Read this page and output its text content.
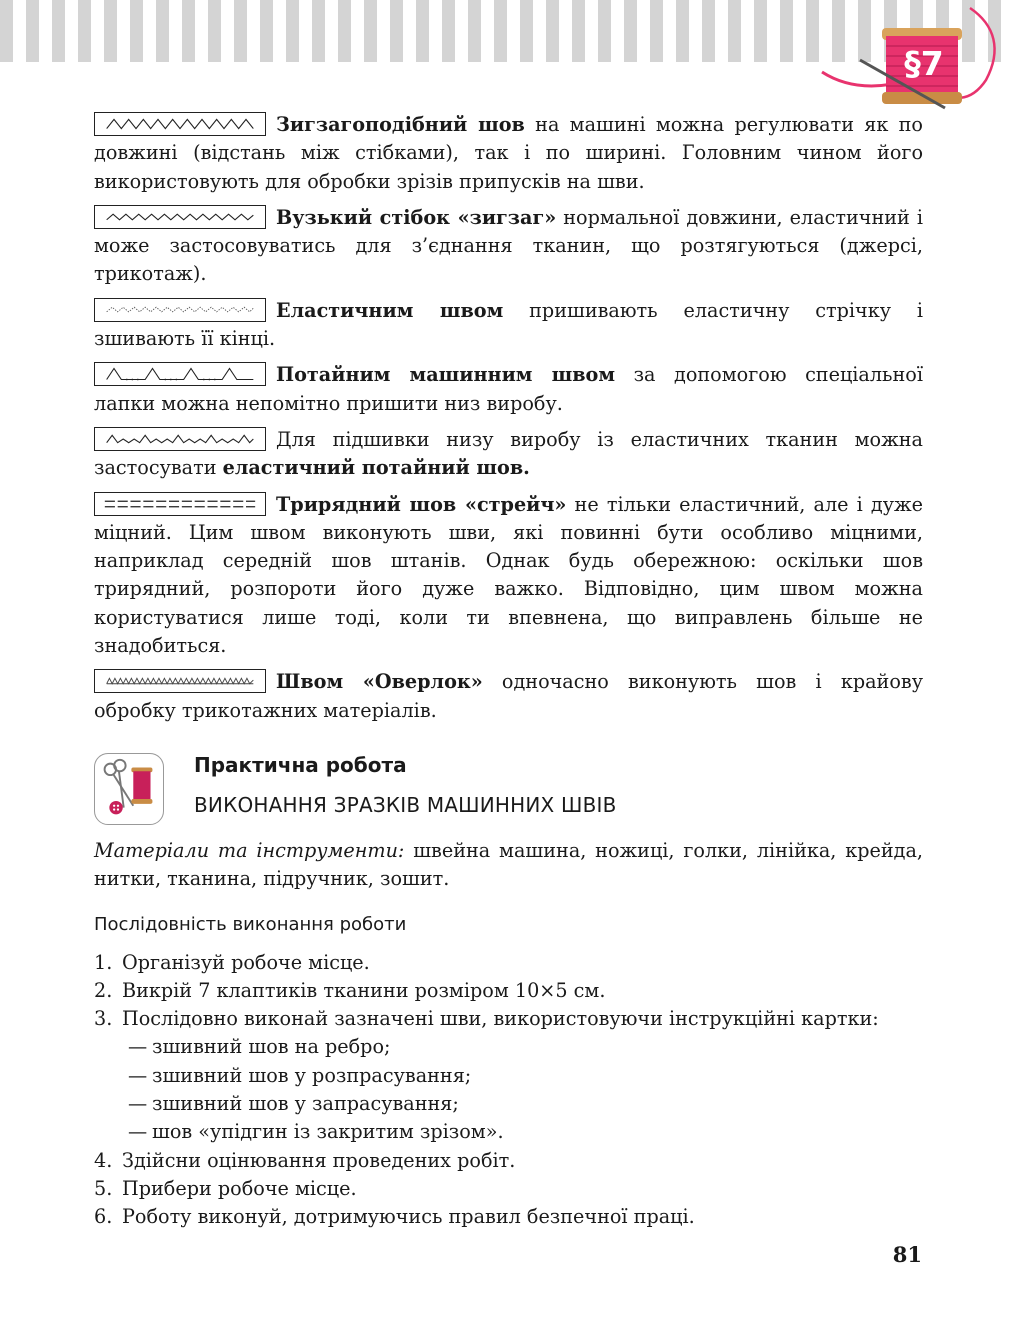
§7

Зигзагоподібний шов на машині можна регулювати як по довжині (відстань між стібками), так і по ширині. Головним чином його використовують для обробки зрізів припусків на шви.

Вузький стібок «зигзаг» нормальної довжини, еластичний і може застосовуватись для з’єднання тканин, що розтягуються (джерсі, трикотаж).

Еластичним швом пришивають еластичну стрічку і зшивають її кінці.

Потайним машинним швом за допомогою спеціальної лапки можна непомітно пришити низ виробу.

Для підшивки низу виробу із еластичних тканин можна застосувати еластичний потайний шов.

Трирядний шов «стрейч» не тільки еластичний, але і дуже міцний. Цим швом виконують шви, які повинні бути особливо міцними, наприклад середній шов штанів. Однак будь обережною: оскільки шов трирядний, розпороти його дуже важко. Відповідно, цим швом можна користуватися лише тоді, коли ти впевнена, що виправлень більше не знадобиться.

Швом «Оверлок» одночасно виконують шов і крайову обробку трикотажних матеріалів.

Практична робота
ВИКОНАННЯ ЗРАЗКІВ МАШИННИХ ШВІВ

Матеріали та інструменти: швейна машина, ножиці, голки, лінійка, крейда, нитки, тканина, підручник, зошит.

Послідовність виконання роботи
1. Організуй робоче місце.
2. Викрій 7 клаптиків тканини розміром 10×5 см.
3. Послідовно виконай зазначені шви, використовуючи інструкційні картки:
— зшивний шов на ребро;
— зшивний шов у розпрасування;
— зшивний шов у запрасування;
— шов «упідгин із закритим зрізом».
4. Здійсни оцінювання проведених робіт.
5. Прибери робоче місце.
6. Роботу виконуй, дотримуючись правил безпечної праці.
81
